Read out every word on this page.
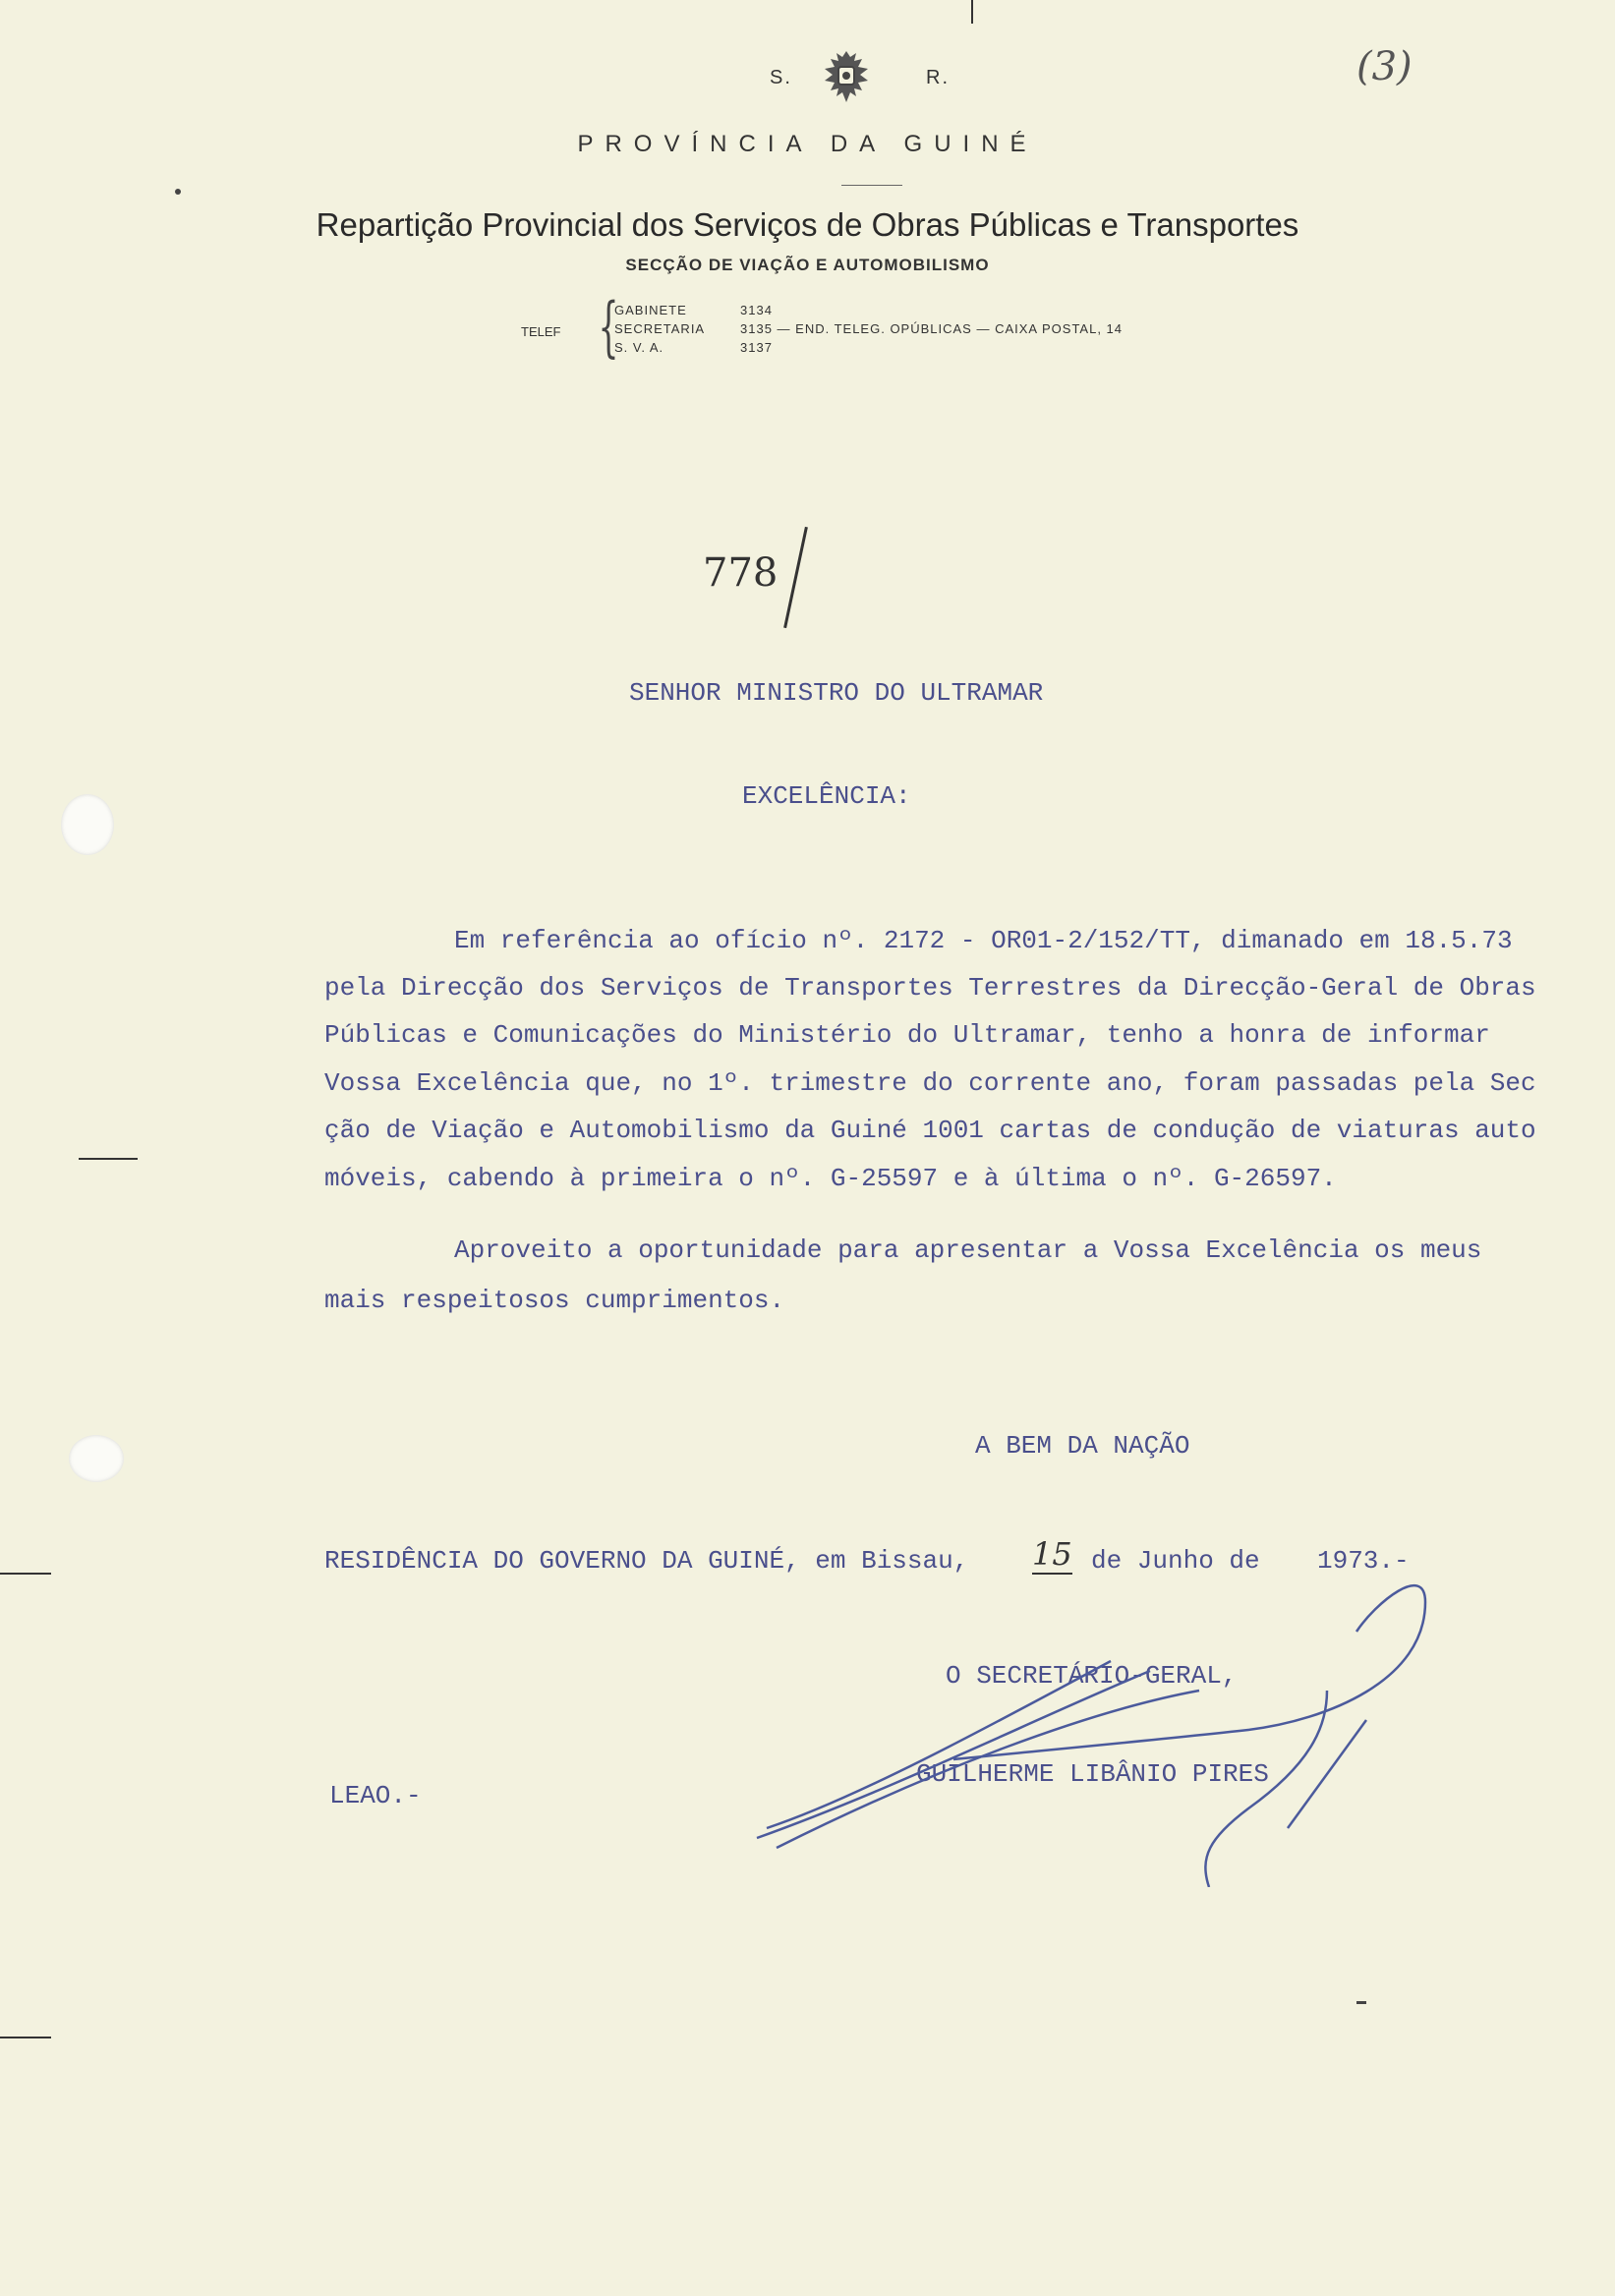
S.	R.	(3)
PROVÍNCIA DA GUINÉ
Repartição Provincial dos Serviços de Obras Públicas e Transportes
SECÇÃO DE VIAÇÃO E AUTOMOBILISMO
TELEF {
GABINETE	3134
SECRETARIA	3135 — END. TELEG. OPÚBLICAS — CAIXA POSTAL, 14
S. V. A.	3137
778
SENHOR MINISTRO DO ULTRAMAR
EXCELÊNCIA:
Em referência ao ofício nº. 2172 - OR01-2/152/TT, dimanado em 18.5.73
pela Direcção dos Serviços de Transportes Terrestres da Direcção-Geral de Obras
Públicas e Comunicações do Ministério do Ultramar, tenho a honra de informar
Vossa Excelência que, no 1º. trimestre do corrente ano, foram passadas pela Sec
ção de Viação e Automobilismo da Guiné 1001 cartas de condução de viaturas auto
móveis, cabendo à primeira o nº. G-25597 e à última o nº. G-26597.
Aproveito a oportunidade para apresentar a Vossa Excelência os meus
mais respeitosos cumprimentos.
A BEM DA NAÇÃO
RESIDÊNCIA DO GOVERNO DA GUINÉ, em Bissau, 15 de Junho de 1973.-
O SECRETÁRIO-GERAL,
GUILHERME LIBÂNIO PIRES
LEAO.-
